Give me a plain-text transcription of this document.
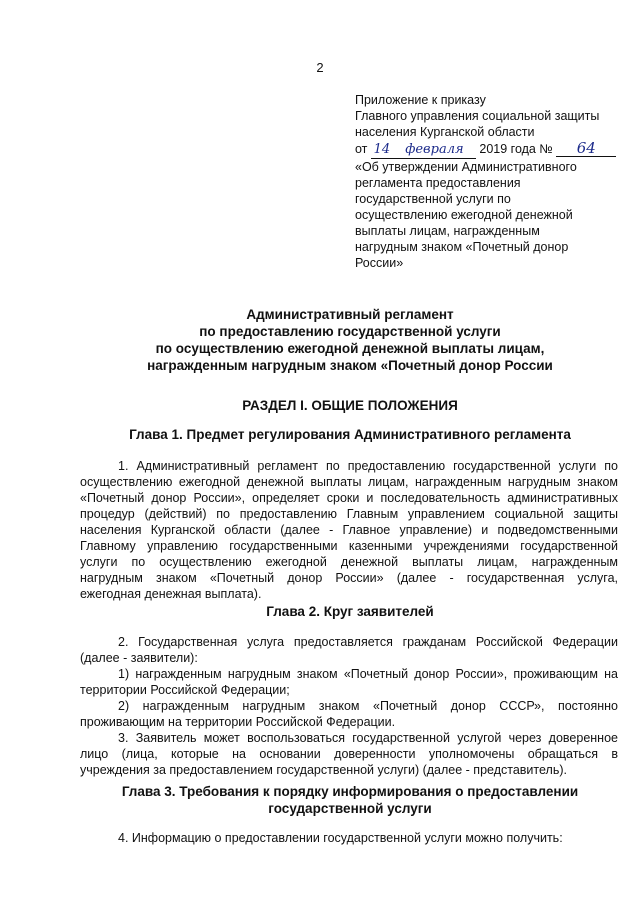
2
Приложение к приказу
Главного управления социальной защиты
населения Курганской области
от 14 февраля 2019 года № 64
«Об утверждении Административного
регламента предоставления
государственной услуги по
осуществлению ежегодной денежной
выплаты лицам, награжденным
нагрудным знаком «Почетный донор
России»
Административный регламент
по предоставлению государственной услуги
по осуществлению ежегодной денежной выплаты лицам,
награжденным нагрудным знаком «Почетный донор России
РАЗДЕЛ I. ОБЩИЕ ПОЛОЖЕНИЯ
Глава 1. Предмет регулирования Административного регламента
1. Административный регламент по предоставлению государственной услуги по
осуществлению ежегодной денежной выплаты лицам, награжденным нагрудным знаком
«Почетный донор России», определяет сроки и последовательность административных
процедур (действий) по предоставлению Главным управлением социальной защиты
населения Курганской области (далее - Главное управление) и подведомственными
Главному управлению государственными казенными учреждениями государственной
услуги по осуществлению ежегодной денежной выплаты лицам, награжденным
нагрудным знаком «Почетный донор России» (далее - государственная услуга,
ежегодная денежная выплата).
Глава 2. Круг заявителей
2. Государственная услуга предоставляется гражданам Российской Федерации
(далее - заявители):
1) награжденным нагрудным знаком «Почетный донор России», проживающим на
территории Российской Федерации;
2) награжденным нагрудным знаком «Почетный донор СССР», постоянно
проживающим на территории Российской Федерации.
3. Заявитель может воспользоваться государственной услугой через доверенное
лицо (лица, которые на основании доверенности уполномочены обращаться в
учреждения за предоставлением государственной услуги) (далее - представитель).
Глава 3. Требования к порядку информирования о предоставлении
государственной услуги
4. Информацию о предоставлении государственной услуги можно получить:
